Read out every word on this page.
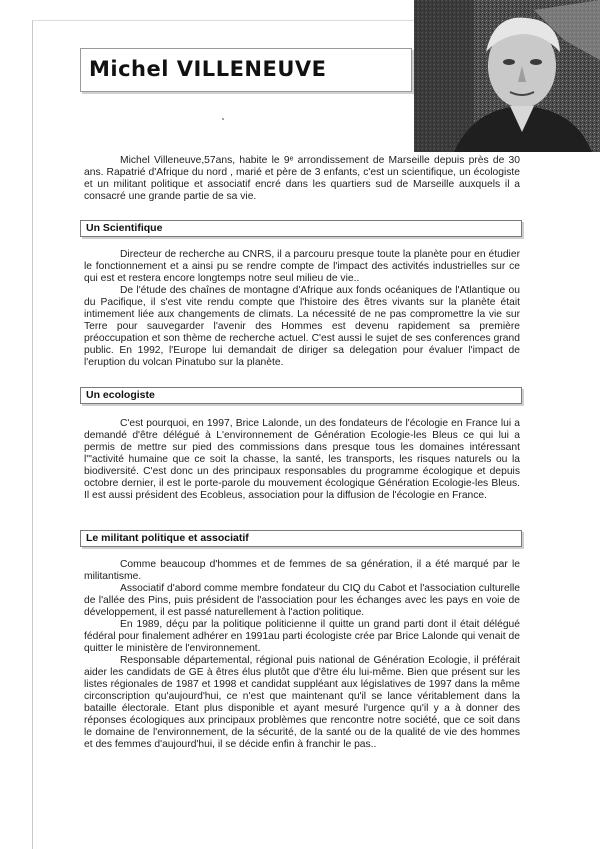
Michel VILLENEUVE

Michel Villeneuve,57ans, habite le 9ᵉ arrondissement de Marseille depuis près de 30 ans. Rapatrié d'Afrique du nord , marié et père de 3 enfants, c'est un scientifique, un écologiste et un militant politique et associatif encré dans les quartiers sud de Marseille auxquels il a consacré une grande partie de sa vie.

Un Scientifique

Directeur de recherche au CNRS, il a parcouru presque toute la planète pour en étudier le fonctionnement et a ainsi pu se rendre compte de l'impact des activités industrielles sur ce qui est et restera encore longtemps notre seul milieu de vie..

De l'étude des chaînes de montagne d'Afrique aux fonds océaniques de l'Atlantique ou du Pacifique, il s'est vite rendu compte que l'histoire des êtres vivants sur la planète était intimement liée aux changements de climats. La nécessité de ne pas compromettre la vie sur Terre pour sauvegarder l'avenir des Hommes est devenu rapidement sa première préoccupation et son thème de recherche actuel. C'est aussi le sujet de ses conferences grand public. En 1992, l'Europe lui demandait de diriger sa delegation pour évaluer l'impact de l'eruption du volcan Pinatubo sur la planète.

Un ecologiste

C'est pourquoi, en 1997, Brice Lalonde, un des fondateurs de l'écologie en France lui a demandé d'être délégué à L'environnement de Génération Ecologie-les Bleus ce qui lui a permis de mettre sur pied des commissions dans presque tous les domaines intéressant l'"activité humaine que ce soit la chasse, la santé, les transports, les risques naturels ou la biodiversité. C'est donc un des principaux responsables du programme écologique et depuis octobre dernier, il est le porte-parole du mouvement écologique Génération Ecologie-les Bleus. Il est aussi président des Ecobleus, association pour la diffusion de l'écologie en France.

Le militant politique et associatif

Comme beaucoup d'hommes et de femmes de sa génération, il a été marqué par le militantisme.

Associatif d'abord comme membre fondateur du CIQ du Cabot et l'association culturelle de l'allée des Pins, puis président de l'association pour les échanges avec les pays en voie de développement, il est passé naturellement à l'action politique.

En 1989, déçu par la politique politicienne il quitte un grand parti dont il était délégué fédéral pour finalement adhérer en 1991au parti écologiste crée par Brice Lalonde qui venait de quitter le ministère de l'environnement.

Responsable départemental, régional puis national de Génération Ecologie, il préférait aider les candidats de GE à êtres élus plutôt que d'être élu lui-même. Bien que présent sur les listes régionales de 1987 et 1998 et candidat suppléant aux législatives de 1997 dans la même circonscription qu'aujourd'hui, ce n'est que maintenant qu'il se lance véritablement dans la bataille électorale. Etant plus disponible et ayant mesuré l'urgence qu'il y a à donner des réponses écologiques aux principaux problèmes que rencontre notre société, que ce soit dans le domaine de l'environnement, de la sécurité, de la santé ou de la qualité de vie des hommes et des femmes d'aujourd'hui, il se décide enfin à franchir le pas..
